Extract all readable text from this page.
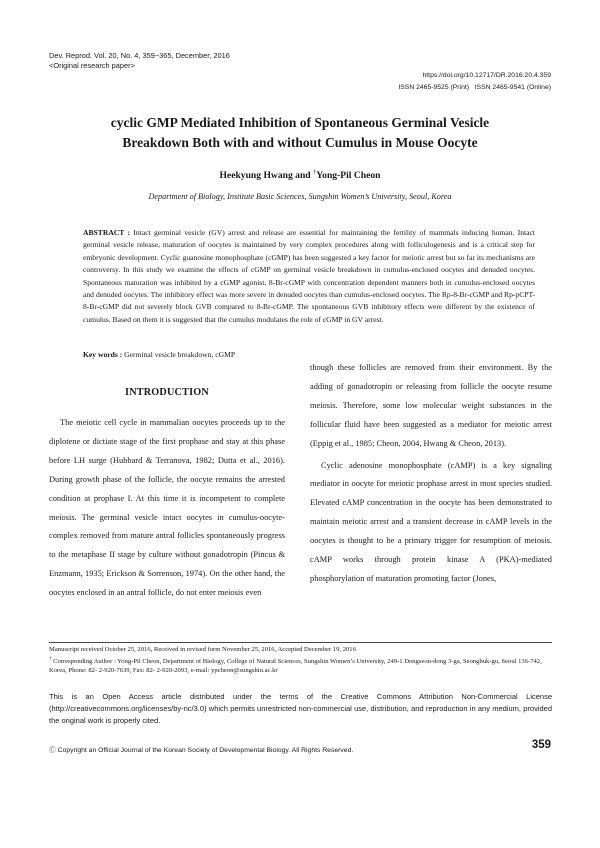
Dev. Reprod. Vol. 20, No. 4, 359~365, December, 2016
<Original research paper>
https://doi.org/10.12717/DR.2016.20.4.359
ISSN 2465-9525 (Print)   ISSN 2465-9541 (Online)
cyclic GMP Mediated Inhibition of Spontaneous Germinal Vesicle
Breakdown Both with and without Cumulus in Mouse Oocyte
Heekyung Hwang and †Yong-Pil Cheon
Department of Biology, Institute Basic Sciences, Sungshin Women’s University, Seoul, Korea
ABSTRACT : Intact germinal vesicle (GV) arrest and release are essential for maintaining the fertility of mammals inducing human. Intact germinal vesicle release, maturation of oocytes is maintained by very complex procedures along with folliculogenesis and is a critical step for embryonic development. Cyclic guanosine monophosphate (cGMP) has been suggested a key factor for meiotic arrest but so far its mechanisms are controversy. In this study we examine the effects of cGMP on germinal vesicle breakdown in cumulus-enclosed oocytes and denuded oocytes. Spontaneous maturation was inhibited by a cGMP agonist, 8-Br-cGMP with concentration dependent manners both in cumulus-enclosed oocytes and denuded oocytes. The inhibitory effect was more severe in denuded oocytes than cumulus-enclosed oocytes. The Rp-8-Br-cGMP and Rp-pCPT-8-Br-cGMP did not severely block GVB compared to 8-Br-cGMP. The spontaneous GVB inhibitory effects were different by the existence of cumulus. Based on them it is suggested that the cumulus modulates the role of cGMP in GV arrest.
Key words : Germinal vesicle breakdown, cGMP
INTRODUCTION

The meiotic cell cycle in mammalian oocytes proceeds up to the diplotene or dictiate stage of the first prophase and stay at this phase before LH surge (Hubbard & Terranova, 1982; Dutta et al., 2016). During growth phase of the follicle, the oocyte remains the arrested condition at prophase I. At this time it is incompetent to complete meiosis. The germinal vesicle intact oocytes in cumulus-oocyte-complex removed from mature antral follicles spontaneously progress to the metaphase II stage by culture without gonadotropin (Pincus & Enzmann, 1935; Erickson & Sorrenson, 1974). On the other hand, the oocytes enclosed in an antral follicle, do not enter meiosis even

though these follicles are removed from their environment. By the adding of gonadotropin or releasing from follicle the oocyte resume meiosis. Therefore, some low molecular weight substances in the follicular fluid have been suggested as a mediator for meiotic arrest (Eppig et al., 1985; Cheon, 2004, Hwang & Cheon, 2013).

Cyclic adenosine monophosphate (cAMP) is a key signaling mediator in oocyte for meiotic prophase arrest in most species studied. Elevated cAMP concentration in the oocyte has been demonstrated to maintain meiotic arrest and a transient decrease in cAMP levels in the oocytes is thought to be a primary trigger for resumption of meiosis. cAMP works through protein kinase A (PKA)-mediated phosphorylation of maturation promoting factor (Jones,

Manuscript received October 25, 2016, Received in revised form November 25, 2016, Accepted December 19, 2016
† Corresponding Author : Yong-Pil Cheon, Department of Biology, College of Natural Sciences, Sungshin Women’s University, 249-1 Dongseon-dong 3-ga, Seongbuk-gu, Seoul 136-742, Korea, Phone: 82- 2-920-7639, Fax: 82- 2-920-2093, e-mail: ypcheon@sungshin.ac.kr
This is an Open Access article distributed under the terms of the Creative Commons Attribution Non-Commercial License (http://creativecommons.org/licenses/by-nc/3.0) which permits unrestricted non-commercial use, distribution, and reproduction in any medium, provided the original work is properly cited.
Ⓒ Copyright an Official Journal of the Korean Society of Developmental Biology. All Rights Reserved.	359
